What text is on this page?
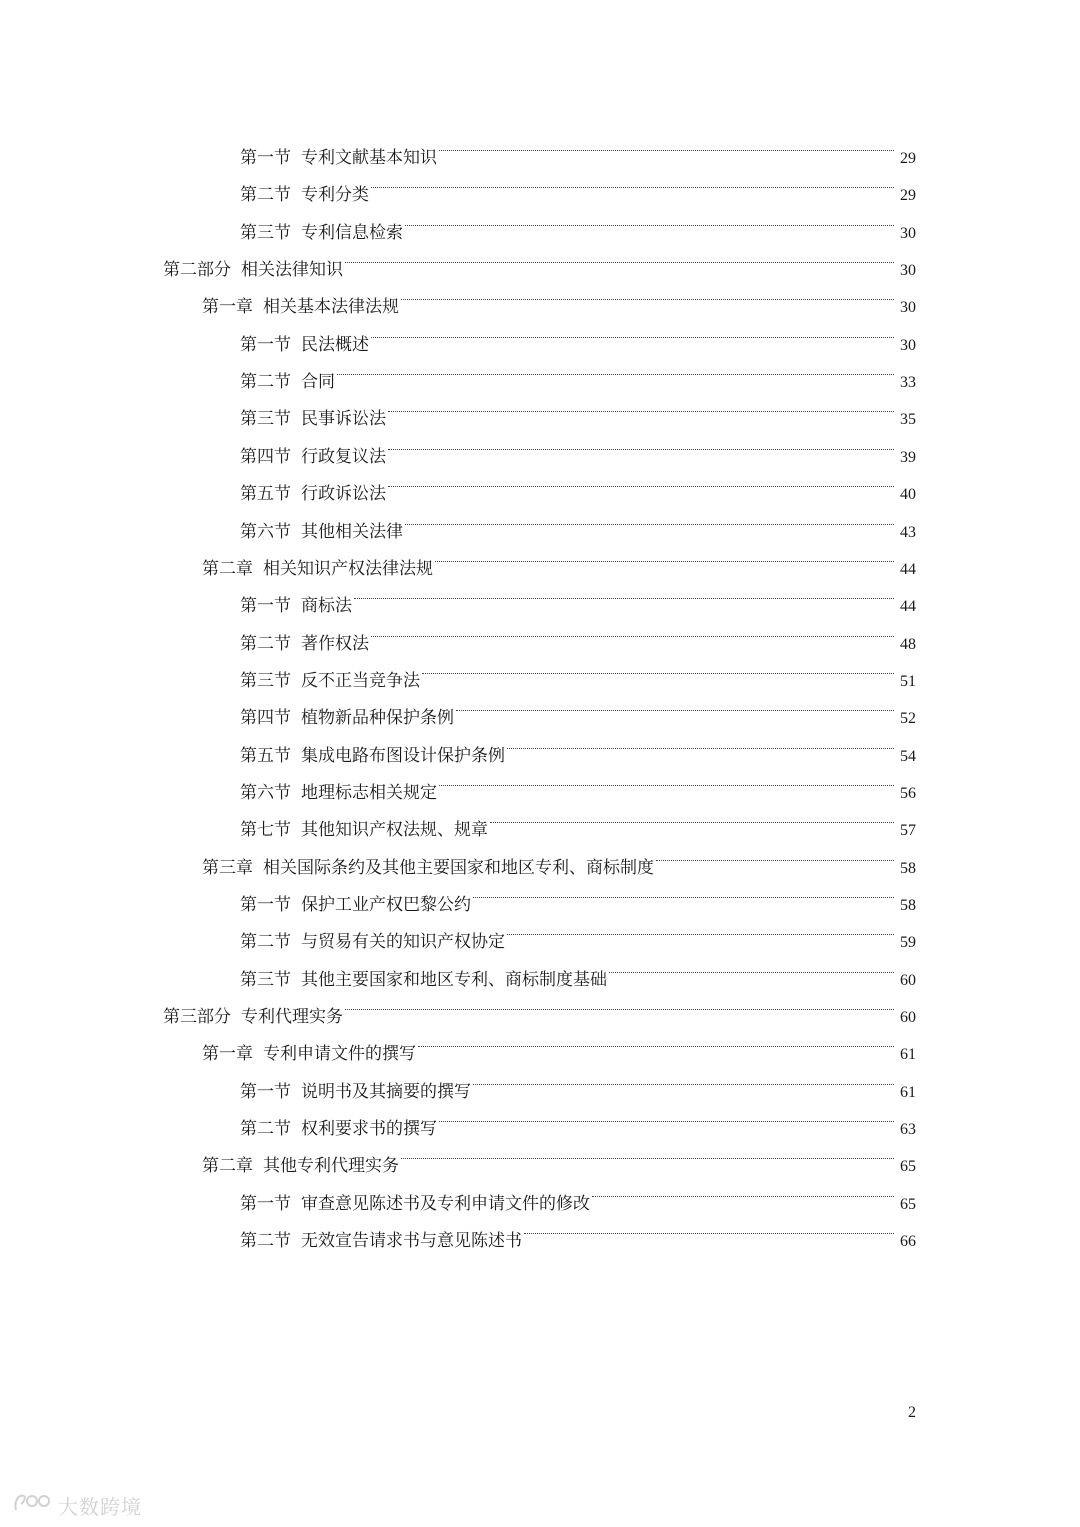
第一节 专利文献基本知识	29
第二节 专利分类	29
第三节 专利信息检索	30
第二部分 相关法律知识	30
第一章 相关基本法律法规	30
第一节 民法概述	30
第二节 合同	33
第三节 民事诉讼法	35
第四节 行政复议法	39
第五节 行政诉讼法	40
第六节 其他相关法律	43
第二章 相关知识产权法律法规	44
第一节 商标法	44
第二节 著作权法	48
第三节 反不正当竞争法	51
第四节 植物新品种保护条例	52
第五节 集成电路布图设计保护条例	54
第六节 地理标志相关规定	56
第七节 其他知识产权法规、规章	57
第三章 相关国际条约及其他主要国家和地区专利、商标制度	58
第一节 保护工业产权巴黎公约	58
第二节 与贸易有关的知识产权协定	59
第三节 其他主要国家和地区专利、商标制度基础	60
第三部分 专利代理实务	60
第一章 专利申请文件的撰写	61
第一节 说明书及其摘要的撰写	61
第二节 权利要求书的撰写	63
第二章 其他专利代理实务	65
第一节 审查意见陈述书及专利申请文件的修改	65
第二节 无效宣告请求书与意见陈述书	66
2
大数跨境
